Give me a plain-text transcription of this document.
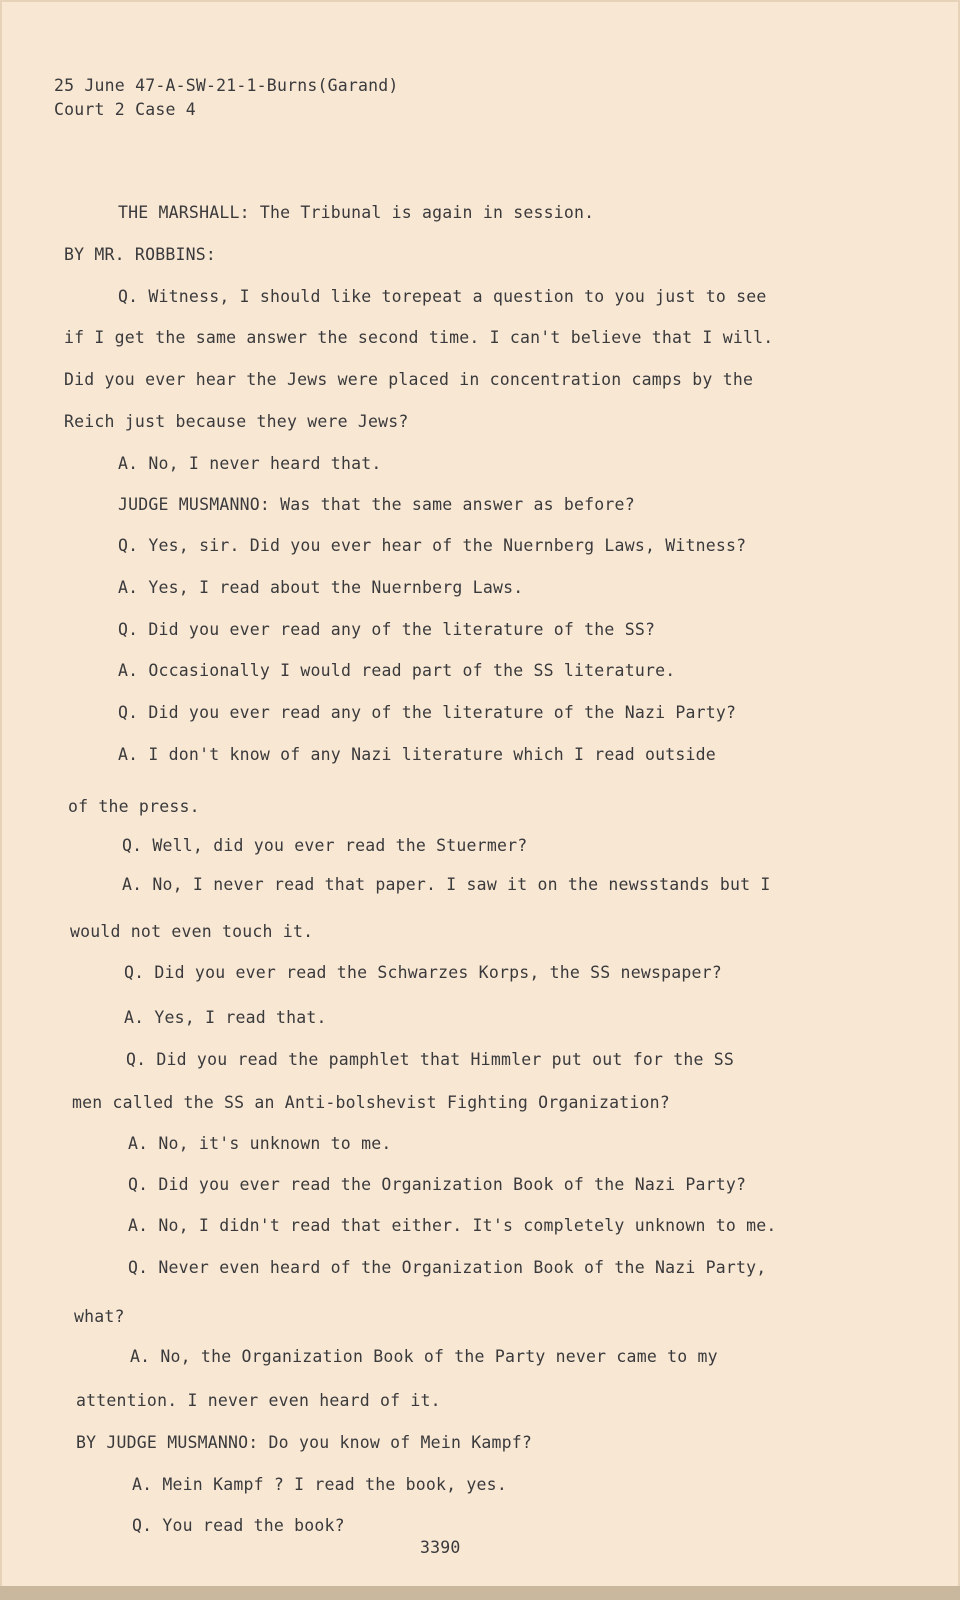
25 June 47-A-SW-21-1-Burns(Garand)
Court 2 Case 4
THE MARSHALL: The Tribunal is again in session.
BY MR. ROBBINS:
Q. Witness, I should like torepeat a question to you just to see
if I get the same answer the second time. I can't believe that I will.
Did you ever hear the Jews were placed in concentration camps by the
Reich just because they were Jews?
A. No, I never heard that.
JUDGE MUSMANNO: Was that the same answer as before?
Q. Yes, sir. Did you ever hear of the Nuernberg Laws, Witness?
A. Yes, I read about the Nuernberg Laws.
Q. Did you ever read any of the literature of the SS?
A. Occasionally I would read part of the SS literature.
Q. Did you ever read any of the literature of the Nazi Party?
A. I don't know of any Nazi literature which I read outside
of the press.
Q. Well, did you ever read the Stuermer?
A. No, I never read that paper. I saw it on the newsstands but I
would not even touch it.
Q. Did you ever read the Schwarzes Korps, the SS newspaper?
A. Yes, I read that.
Q. Did you read the pamphlet that Himmler put out for the SS
men called the SS an Anti-bolshevist Fighting Organization?
A. No, it's unknown to me.
Q. Did you ever read the Organization Book of the Nazi Party?
A. No, I didn't read that either. It's completely unknown to me.
Q. Never even heard of the Organization Book of the Nazi Party,
what?
A. No, the Organization Book of the Party never came to my
attention. I never even heard of it.
BY JUDGE MUSMANNO: Do you know of Mein Kampf?
A. Mein Kampf ? I read the book, yes.
Q. You read the book?
3390
